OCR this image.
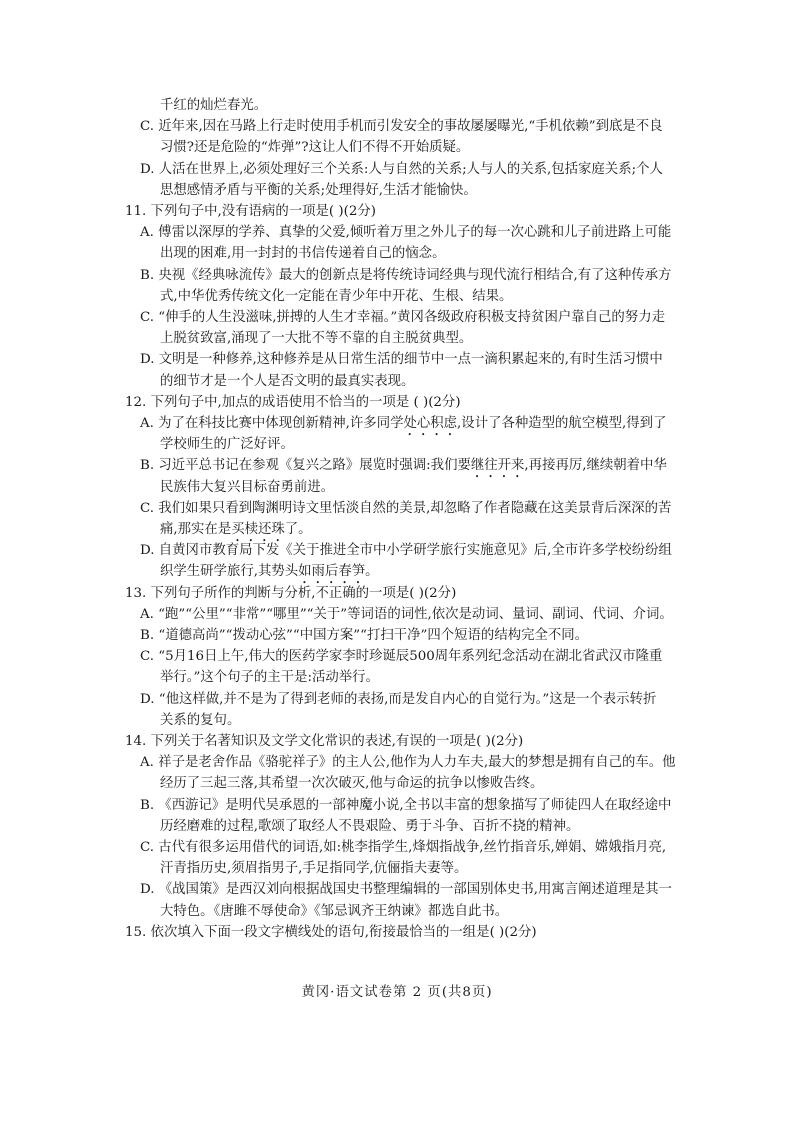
千红的灿烂春光。
C. 近年来,因在马路上行走时使用手机而引发安全的事故屡屡曝光,“手机依赖”到底是不良
习惯?还是危险的“炸弹”?这让人们不得不开始质疑。
D. 人活在世界上,必须处理好三个关系:人与自然的关系;人与人的关系,包括家庭关系;个人
思想感情矛盾与平衡的关系;处理得好,生活才能愉快。
11. 下列句子中,没有语病的一项是( )(2分)
A. 傅雷以深厚的学养、真挚的父爱,倾听着万里之外儿子的每一次心跳和儿子前进路上可能
出现的困难,用一封封的书信传递着自己的恼念。
B. 央视《经典咏流传》最大的创新点是将传统诗词经典与现代流行相结合,有了这种传承方
式,中华优秀传统文化一定能在青少年中开花、生根、结果。
C. “伸手的人生没滋味,拼搏的人生才幸福。”黄冈各级政府积极支持贫困户靠自己的努力走
上脱贫致富,涌现了一大批不等不靠的自主脱贫典型。
D. 文明是一种修养,这种修养是从日常生活的细节中一点一滴积累起来的,有时生活习惯中
的细节才是一个人是否文明的最真实表现。
12. 下列句子中,加点的成语使用不恰当的一项是 ( )(2分)
A. 为了在科技比赛中体现创新精神,许多同学处心积虑,设计了各种造型的航空模型,得到了
学校师生的广泛好评。
B. 习近平总书记在参观《复兴之路》展览时强调:我们要继往开来,再接再厉,继续朝着中华
民族伟大复兴目标奋勇前进。
C. 我们如果只看到陶渊明诗文里恬淡自然的美景,却忽略了作者隐藏在这美景背后深深的苦
痛,那实在是买椟还珠了。
D. 自黄冈市教育局下发《关于推进全市中小学研学旅行实施意见》后,全市许多学校纷纷组
织学生研学旅行,其势头如雨后春笋。
13. 下列句子所作的判断与分析,不正确的一项是( )(2分)
A. “跑”“公里”“非常”“哪里”“关于”等词语的词性,依次是动词、量词、副词、代词、介词。
B. “道德高尚”“拨动心弦”“中国方案”“打扫干净”四个短语的结构完全不同。
C. “5月16日上午,伟大的医药学家李时珍诞辰500周年系列纪念活动在湖北省武汉市隆重
举行。”这个句子的主干是:活动举行。
D. “他这样做,并不是为了得到老师的表扬,而是发自内心的自觉行为。”这是一个表示转折
关系的复句。
14. 下列关于名著知识及文学文化常识的表述,有误的一项是( )(2分)
A. 祥子是老舍作品《骆驼祥子》的主人公,他作为人力车夫,最大的梦想是拥有自己的车。他
经历了三起三落,其希望一次次破灭,他与命运的抗争以惨败告终。
B. 《西游记》是明代吴承恩的一部神魔小说,全书以丰富的想象描写了师徒四人在取经途中
历经磨难的过程,歌颂了取经人不畏艰险、勇于斗争、百折不挠的精神。
C. 古代有很多运用借代的词语,如:桃李指学生,烽烟指战争,丝竹指音乐,婵娟、嫦娥指月亮,
汗青指历史,须眉指男子,手足指同学,伉俪指夫妻等。
D. 《战国策》是西汉刘向根据战国史书整理编辑的一部国别体史书,用寓言阐述道理是其一
大特色。《唐雎不辱使命》《邹忌讽齐王纳谏》都选自此书。
15. 依次填入下面一段文字横线处的语句,衔接最恰当的一组是( )(2分)
黄冈·语文试卷第 2 页(共8页)
